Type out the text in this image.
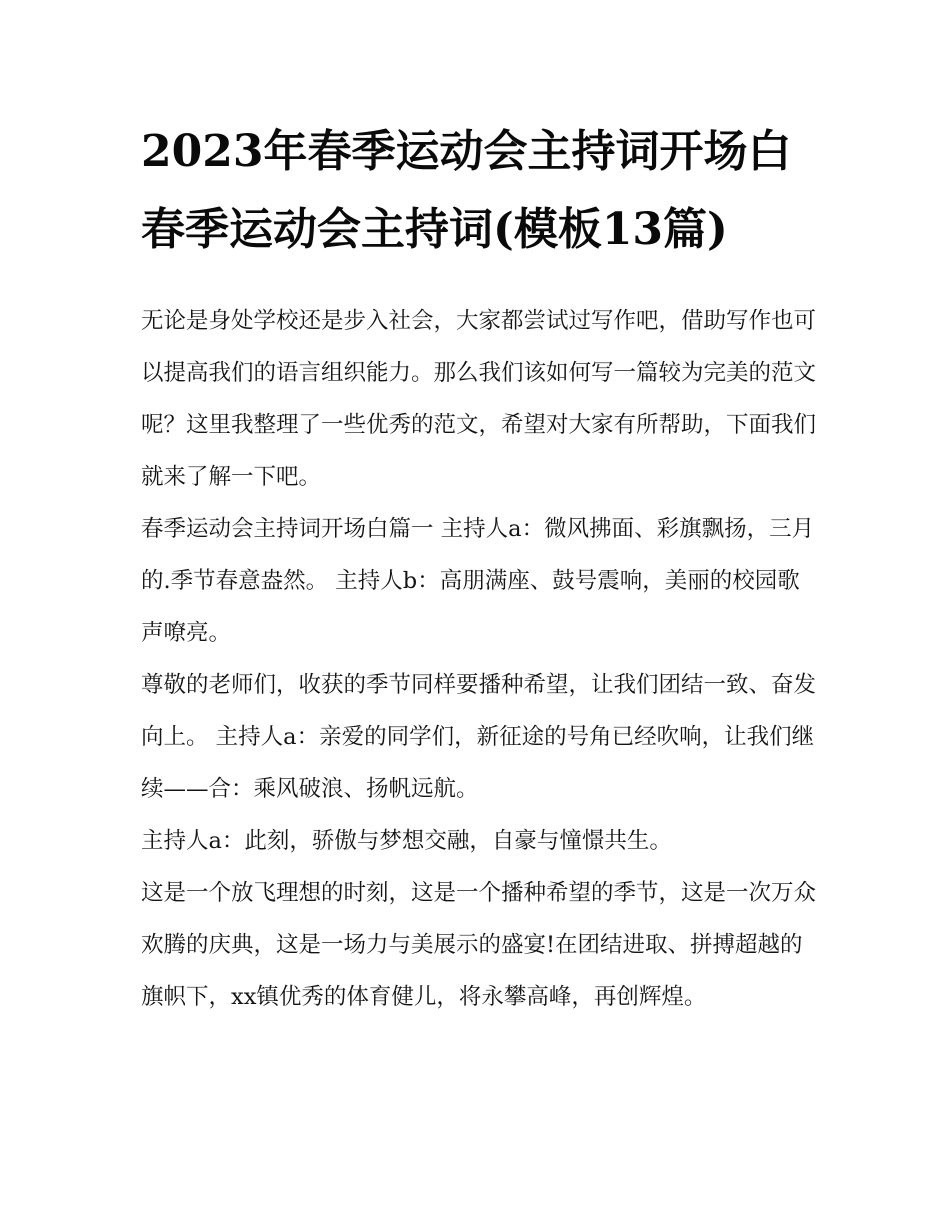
2023年春季运动会主持词开场白 春季运动会主持词(模板13篇)

无论是身处学校还是步入社会，大家都尝试过写作吧，借助写作也可以提高我们的语言组织能力。那么我们该如何写一篇较为完美的范文呢？这里我整理了一些优秀的范文，希望对大家有所帮助，下面我们就来了解一下吧。

春季运动会主持词开场白篇一 主持人a：微风拂面、彩旗飘扬，三月的.季节春意盎然。 主持人b：高朋满座、鼓号震响，美丽的校园歌声嘹亮。

尊敬的老师们，收获的季节同样要播种希望，让我们团结一致、奋发向上。 主持人a：亲爱的同学们，新征途的号角已经吹响，让我们继续——合：乘风破浪、扬帆远航。

主持人a：此刻，骄傲与梦想交融，自豪与憧憬共生。

这是一个放飞理想的时刻，这是一个播种希望的季节，这是一次万众欢腾的庆典，这是一场力与美展示的盛宴!在团结进取、拼搏超越的旗帜下，xx镇优秀的体育健儿，将永攀高峰，再创辉煌。
